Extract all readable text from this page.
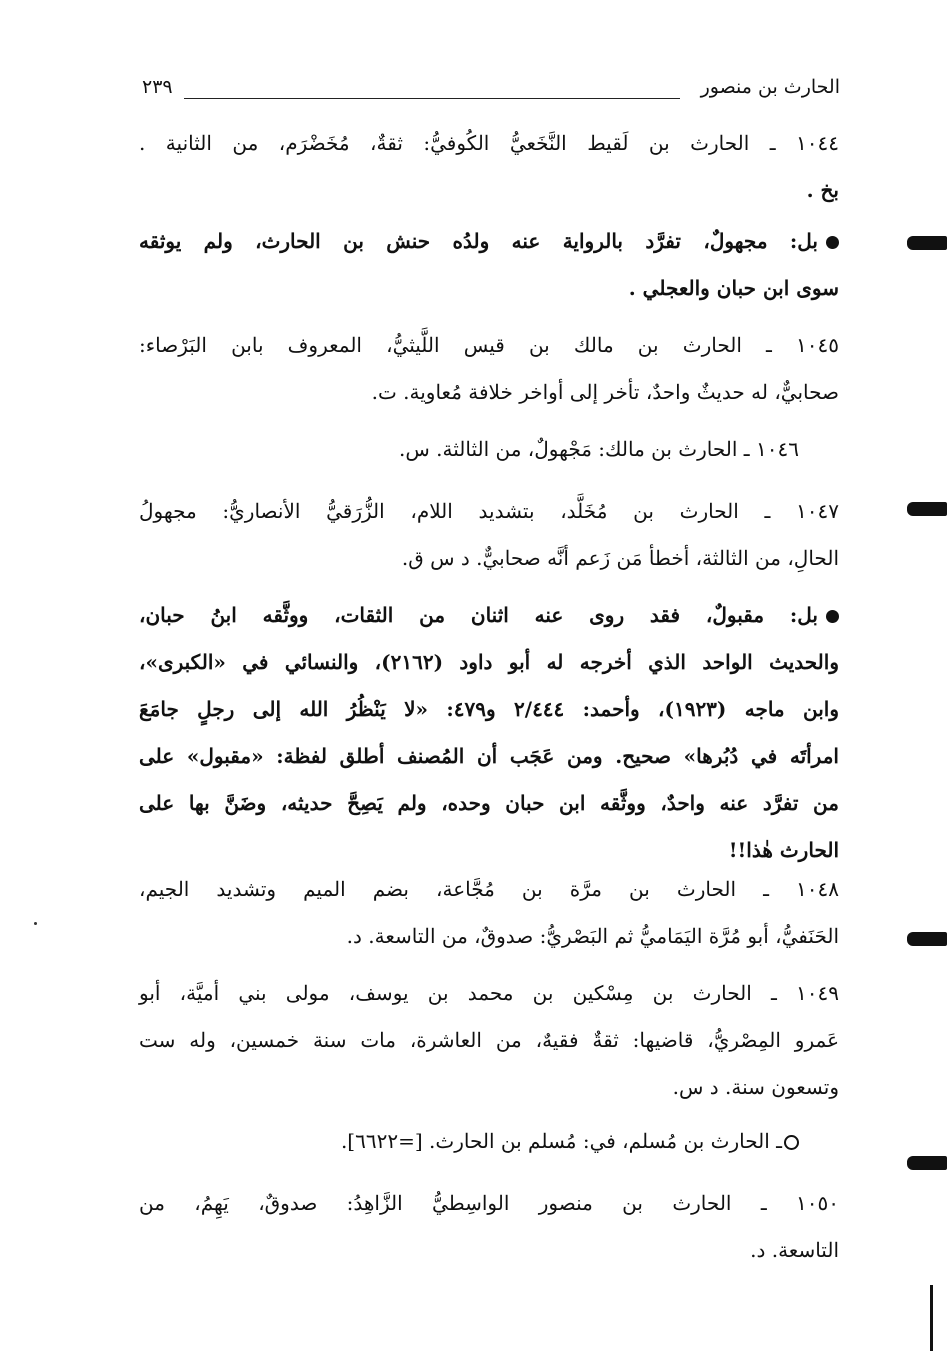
٢٣٩	الحارث بن منصور
١٠٤٤ ـ الحارث بن لَقيط النَّخَعيُّ الكُوفيُّ: ثقةٌ، مُخَضْرَم، من الثانية .
بخ .
بل: مجهولٌ، تفرَّد بالرواية عنه ولدُه حنش بن الحارث، ولم يوثقه
سوى ابن حبان والعجلي .
١٠٤٥ ـ الحارث بن مالك بن قيس اللَّيثيُّ، المعروف بابن البَرْصاء:
صحابيٌّ، له حديثٌ واحدٌ، تأخر إلى أواخر خلافة مُعاوية. ت.
١٠٤٦ ـ الحارث بن مالك: مَجْهولٌ، من الثالثة. س.
١٠٤٧ ـ الحارث بن مُخَلَّد، بتشديد اللام، الزُّرَقيُّ الأنصاريُّ: مجهولُ
الحالِ، من الثالثة، أخطأ مَن زَعم أنَّه صحابيٌّ. د س ق.
بل: مقبولٌ، فقد روى عنه اثنان من الثقات، ووثَّقه ابنُ حبان،
والحديث الواحد الذي أخرجه له أبو داود (٢١٦٢)، والنسائي في «الكبرى»،
وابن ماجه (١٩٢٣)، وأحمد: ٢/٤٤٤ و٤٧٩: «لا يَنْظُرُ الله إلى رجلٍ جامَعَ
امرأتَه في دُبُرها» صحيح. ومن عَجَب أن المُصنف أطلق لفظة: «مقبول» على
من تفرَّد عنه واحدٌ، ووثَّقه ابن حبان وحده، ولم يَصِحَّ حديثه، وضَنَّ بها على
الحارث هٰذا!!
١٠٤٨ ـ الحارث بن مرَّة بن مُجَّاعة، بضم الميم وتشديد الجيم،
الحَنَفيُّ، أبو مُرَّة اليَمَاميُّ ثم البَصْريُّ: صدوقٌ، من التاسعة. د.
١٠٤٩ ـ الحارث بن مِسْكين بن محمد بن يوسف، مولى بني أميَّة، أبو
عَمرو المِصْريُّ، قاضيها: ثقةٌ فقيهٌ، من العاشرة، مات سنة خمسين، وله ست
وتسعون سنة. د س.
ـ الحارث بن مُسلم، في: مُسلم بن الحارث. [=٦٦٢٢].
١٠٥٠ ـ الحارث بن منصور الواسِطيُّ الزَّاهِدُ: صدوقٌ، يَهِمُ، من
التاسعة. د.
